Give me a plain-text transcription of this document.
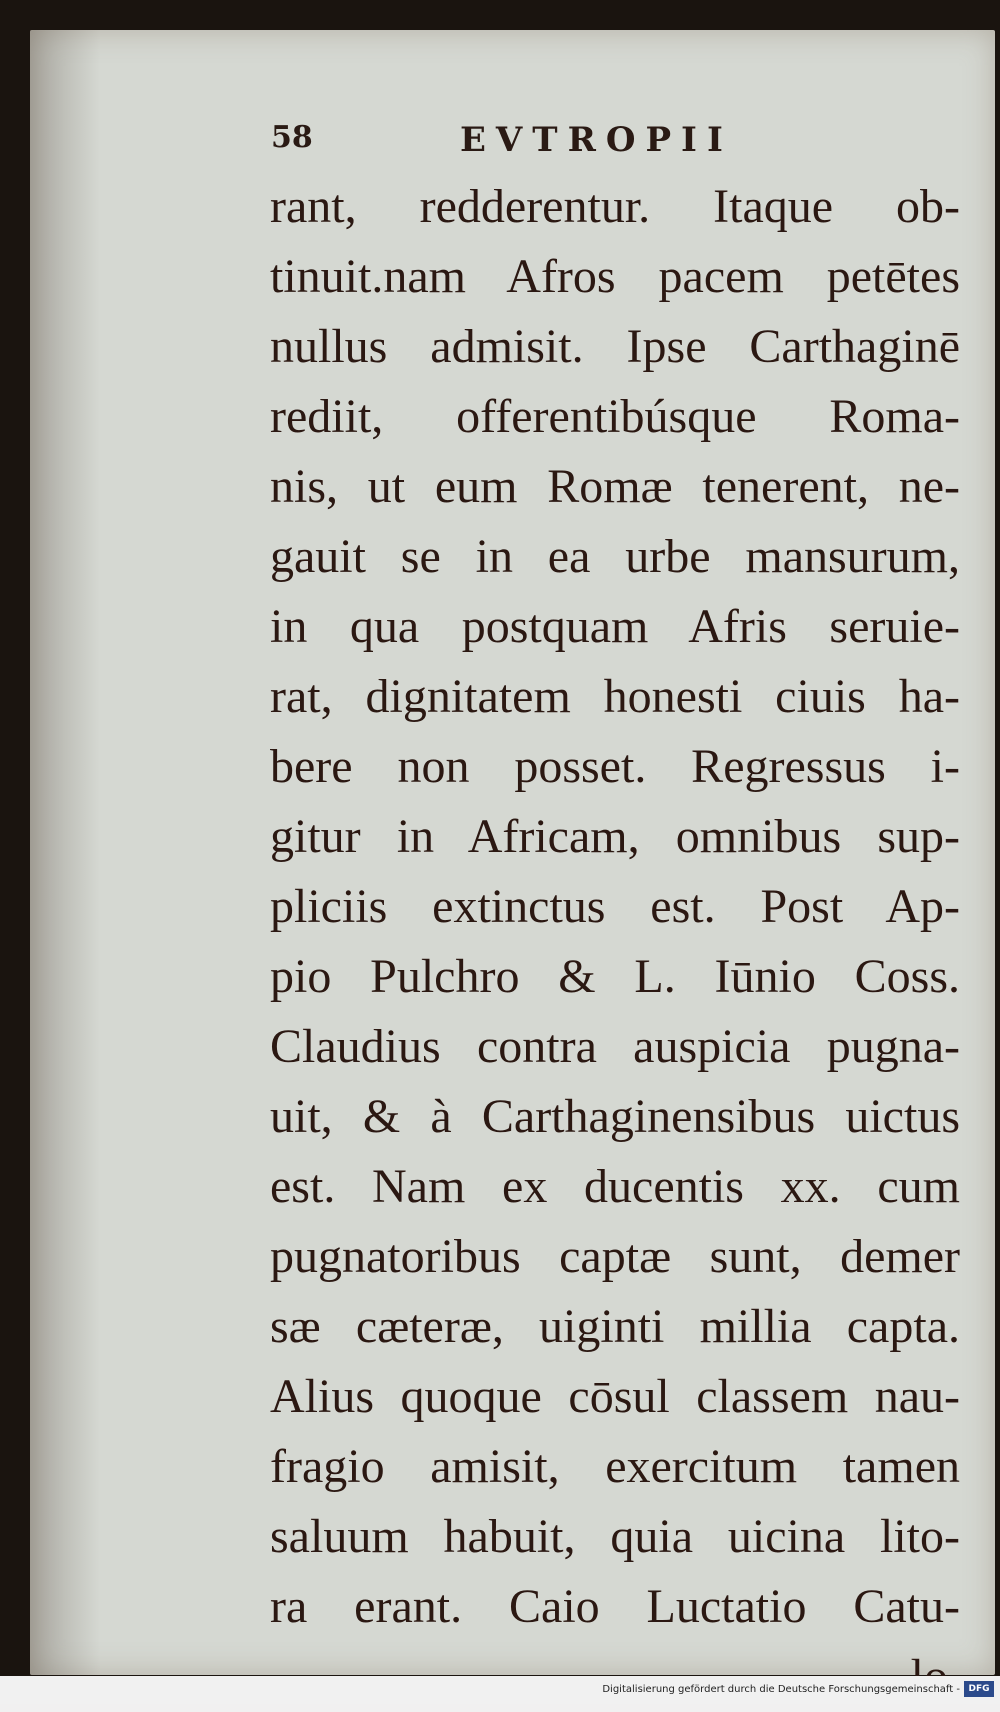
58	EVTROPII
rant, redderentur. Itaque ob-
tinuit.nam Afros pacem petētes
nullus admisit. Ipse Carthaginē
rediit, offerentibúsque Roma-
nis, ut eum Romæ tenerent, ne-
gauit se in ea urbe mansurum,
in qua postquam Afris seruie-
rat, dignitatem honesti ciuis ha-
bere non posset. Regressus i-
gitur in Africam, omnibus sup-
pliciis extinctus est. Post Ap-
pio Pulchro & L. Iūnio Coss.
Claudius contra auspicia pugna-
uit, & à Carthaginensibus uictus
est. Nam ex ducentis xx. cum
pugnatoribus captæ sunt, demer
sæ cæteræ, uiginti millia capta.
Alius quoque cōsul classem nau-
fragio amisit, exercitum tamen
saluum habuit, quia uicina lito-
ra erant. Caio Luctatio Catu-
Digitalisierung gefördert durch die Deutsche Forschungsgemeinschaft - DFG
